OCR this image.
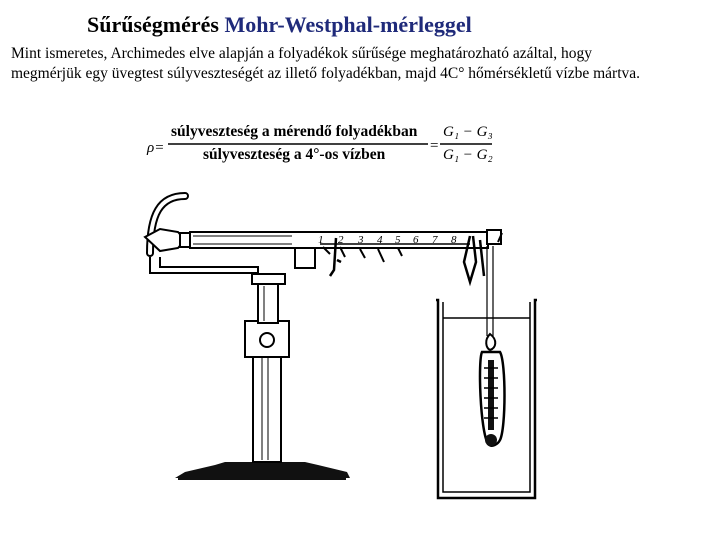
Sűrűségmérés Mohr-Westphal-mérleggel
Mint ismeretes, Archimedes elve alapján a folyadékok sűrűsége meghatározható azáltal, hogy
megmérjük egy üvegtest súlyveszteségét az illető folyadékban, majd 4C° hőmérsékletű vízbe mártva.
ρ=
súlyveszteség a mérendő folyadékban
súlyveszteség a 4°-os vízben	=
G₁ − G₃
G₁ − G₂
1 2 3 4 5 6 7 8
